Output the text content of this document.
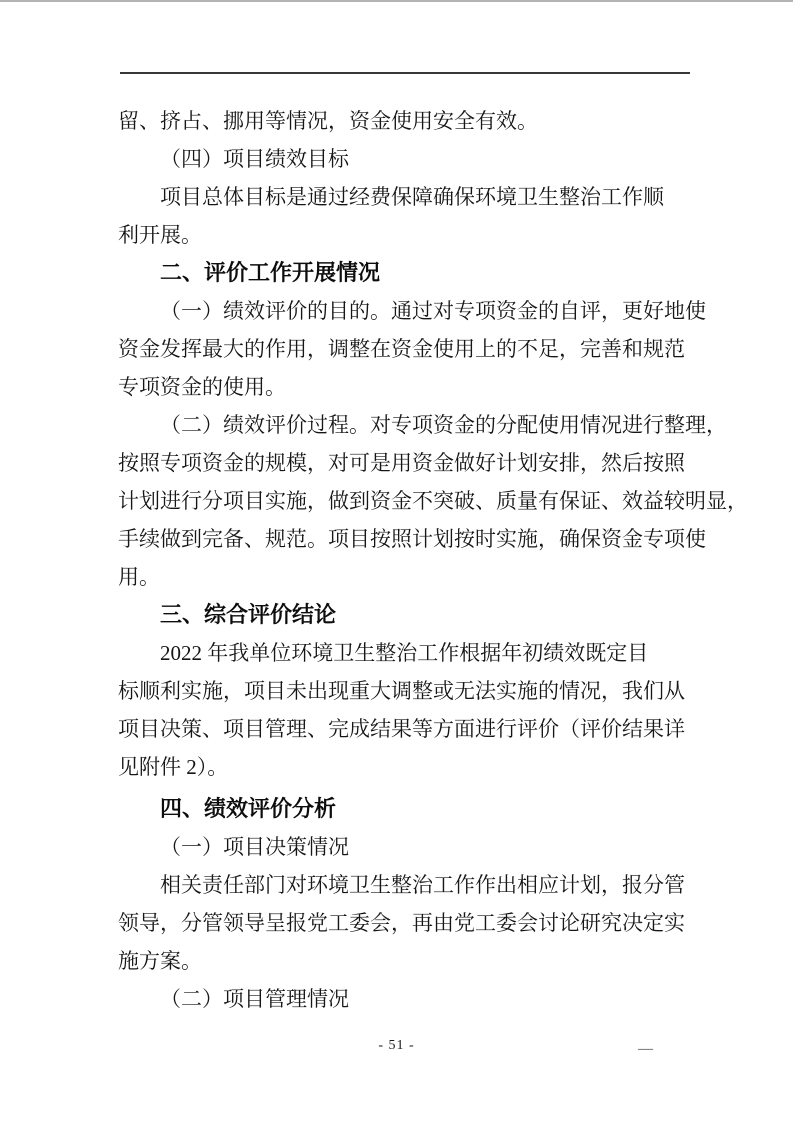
留、挤占、挪用等情况，资金使用安全有效。
（四）项目绩效目标
项目总体目标是通过经费保障确保环境卫生整治工作顺
利开展。
二、评价工作开展情况
（一）绩效评价的目的。通过对专项资金的自评，更好地使
资金发挥最大的作用，调整在资金使用上的不足，完善和规范
专项资金的使用。
（二）绩效评价过程。对专项资金的分配使用情况进行整理，
按照专项资金的规模，对可是用资金做好计划安排，然后按照
计划进行分项目实施，做到资金不突破、质量有保证、效益较明显，
手续做到完备、规范。项目按照计划按时实施，确保资金专项使
用。
三、综合评价结论
2022 年我单位环境卫生整治工作根据年初绩效既定目
标顺利实施，项目未出现重大调整或无法实施的情况，我们从
项目决策、项目管理、完成结果等方面进行评价（评价结果详
见附件 2）。
四、绩效评价分析
（一）项目决策情况
相关责任部门对环境卫生整治工作作出相应计划，报分管
领导，分管领导呈报党工委会，再由党工委会讨论研究决定实
施方案。
（二）项目管理情况
- 51 -	—
